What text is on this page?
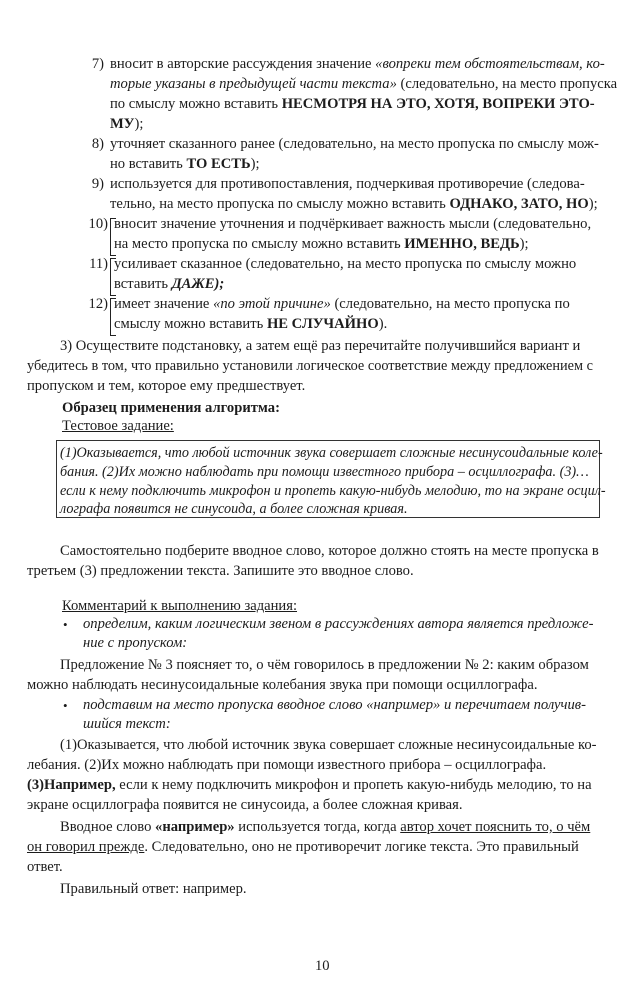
7) вносит в авторские рассуждения значение «вопреки тем обстоятельствам, ко-
торые указаны в предыдущей части текста» (следовательно, на место пропуска
по смыслу можно вставить НЕСМОТРЯ НА ЭТО, ХОТЯ, ВОПРЕКИ ЭТО-
МУ);
8) уточняет сказанного ранее (следовательно, на место пропуска по смыслу мож-
но вставить ТО ЕСТЬ);
9) используется для противопоставления, подчеркивая противоречие (следова-
тельно, на место пропуска по смыслу можно вставить ОДНАКО, ЗАТО, НО);
10) вносит значение уточнения и подчёркивает важность мысли (следовательно,
на место пропуска по смыслу можно вставить ИМЕННО, ВЕДЬ);
11) усиливает сказанное (следовательно, на место пропуска по смыслу можно
вставить ДАЖЕ);
12) имеет значение «по этой причине» (следовательно, на место пропуска по
смыслу можно вставить НЕ СЛУЧАЙНО).
3) Осуществите подстановку, а затем ещё раз перечитайте получившийся вариант и
убедитесь в том, что правильно установили логическое соответствие между предложением с
пропуском и тем, которое ему предшествует.
Образец применения алгоритма:
Тестовое задание:
(1)Оказывается, что любой источник звука совершает сложные несинусоидальные коле-
бания. (2)Их можно наблюдать при помощи известного прибора – осциллографа. (3)…
если к нему подключить микрофон и пропеть какую-нибудь мелодию, то на экране осцил-
лографа появится не синусоида, а более сложная кривая.
Самостоятельно подберите вводное слово, которое должно стоять на месте пропуска в
третьем (3) предложении текста. Запишите это вводное слово.
Комментарий к выполнению задания:
• определим, каким логическим звеном в рассуждениях автора является предложе-
ние с пропуском:
Предложение № 3 поясняет то, о чём говорилось в предложении № 2: каким образом
можно наблюдать несинусоидальные колебания звука при помощи осциллографа.
• подставим на место пропуска вводное слово «например» и перечитаем получив-
шийся текст:
(1)Оказывается, что любой источник звука совершает сложные несинусоидальные ко-
лебания. (2)Их можно наблюдать при помощи известного прибора – осциллографа.
(3)Например, если к нему подключить микрофон и пропеть какую-нибудь мелодию, то на
экране осциллографа появится не синусоида, а более сложная кривая.
Вводное слово «например» используется тогда, когда автор хочет пояснить то, о чём
он говорил прежде. Следовательно, оно не противоречит логике текста. Это правильный
ответ.
Правильный ответ: например.
10
